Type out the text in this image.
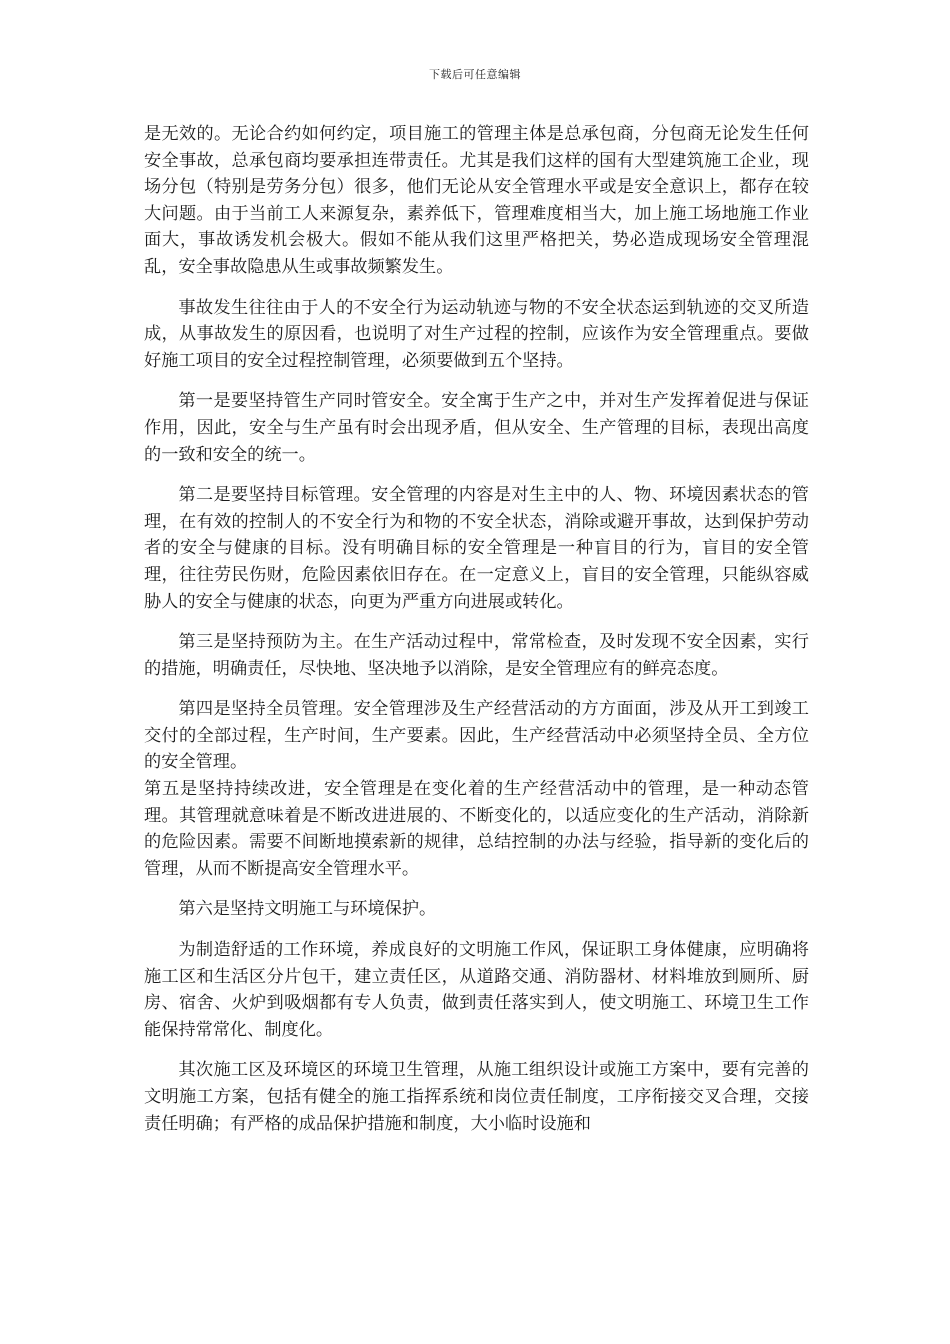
下载后可任意编辑

是无效的。无论合约如何约定，项目施工的管理主体是总承包商，分包商无论发生任何安全事故，总承包商均要承担连带责任。尤其是我们这样的国有大型建筑施工企业，现场分包（特别是劳务分包）很多，他们无论从安全管理水平或是安全意识上，都存在较大问题。由于当前工人来源复杂，素养低下，管理难度相当大，加上施工场地施工作业面大，事故诱发机会极大。假如不能从我们这里严格把关，势必造成现场安全管理混乱，安全事故隐患从生或事故频繁发生。

事故发生往往由于人的不安全行为运动轨迹与物的不安全状态运到轨迹的交叉所造成，从事故发生的原因看，也说明了对生产过程的控制，应该作为安全管理重点。要做好施工项目的安全过程控制管理，必须要做到五个坚持。

第一是要坚持管生产同时管安全。安全寓于生产之中，并对生产发挥着促进与保证作用，因此，安全与生产虽有时会出现矛盾，但从安全、生产管理的目标，表现出高度的一致和安全的统一。

第二是要坚持目标管理。安全管理的内容是对生主中的人、物、环境因素状态的管理，在有效的控制人的不安全行为和物的不安全状态，消除或避开事故，达到保护劳动者的安全与健康的目标。没有明确目标的安全管理是一种盲目的行为，盲目的安全管理，往往劳民伤财，危险因素依旧存在。在一定意义上，盲目的安全管理，只能纵容威胁人的安全与健康的状态，向更为严重方向进展或转化。

第三是坚持预防为主。在生产活动过程中，常常检查，及时发现不安全因素，实行的措施，明确责任，尽快地、坚决地予以消除，是安全管理应有的鲜亮态度。

第四是坚持全员管理。安全管理涉及生产经营活动的方方面面，涉及从开工到竣工交付的全部过程，生产时间，生产要素。因此，生产经营活动中必须坚持全员、全方位的安全管理。

第五是坚持持续改进，安全管理是在变化着的生产经营活动中的管理，是一种动态管理。其管理就意味着是不断改进进展的、不断变化的，以适应变化的生产活动，消除新的危险因素。需要不间断地摸索新的规律，总结控制的办法与经验，指导新的变化后的管理，从而不断提高安全管理水平。

第六是坚持文明施工与环境保护。

为制造舒适的工作环境，养成良好的文明施工作风，保证职工身体健康，应明确将施工区和生活区分片包干，建立责任区，从道路交通、消防器材、材料堆放到厕所、厨房、宿舍、火炉到吸烟都有专人负责，做到责任落实到人，使文明施工、环境卫生工作能保持常常化、制度化。

其次施工区及环境区的环境卫生管理，从施工组织设计或施工方案中，要有完善的文明施工方案，包括有健全的施工指挥系统和岗位责任制度，工序衔接交叉合理，交接责任明确；有严格的成品保护措施和制度，大小临时设施和
